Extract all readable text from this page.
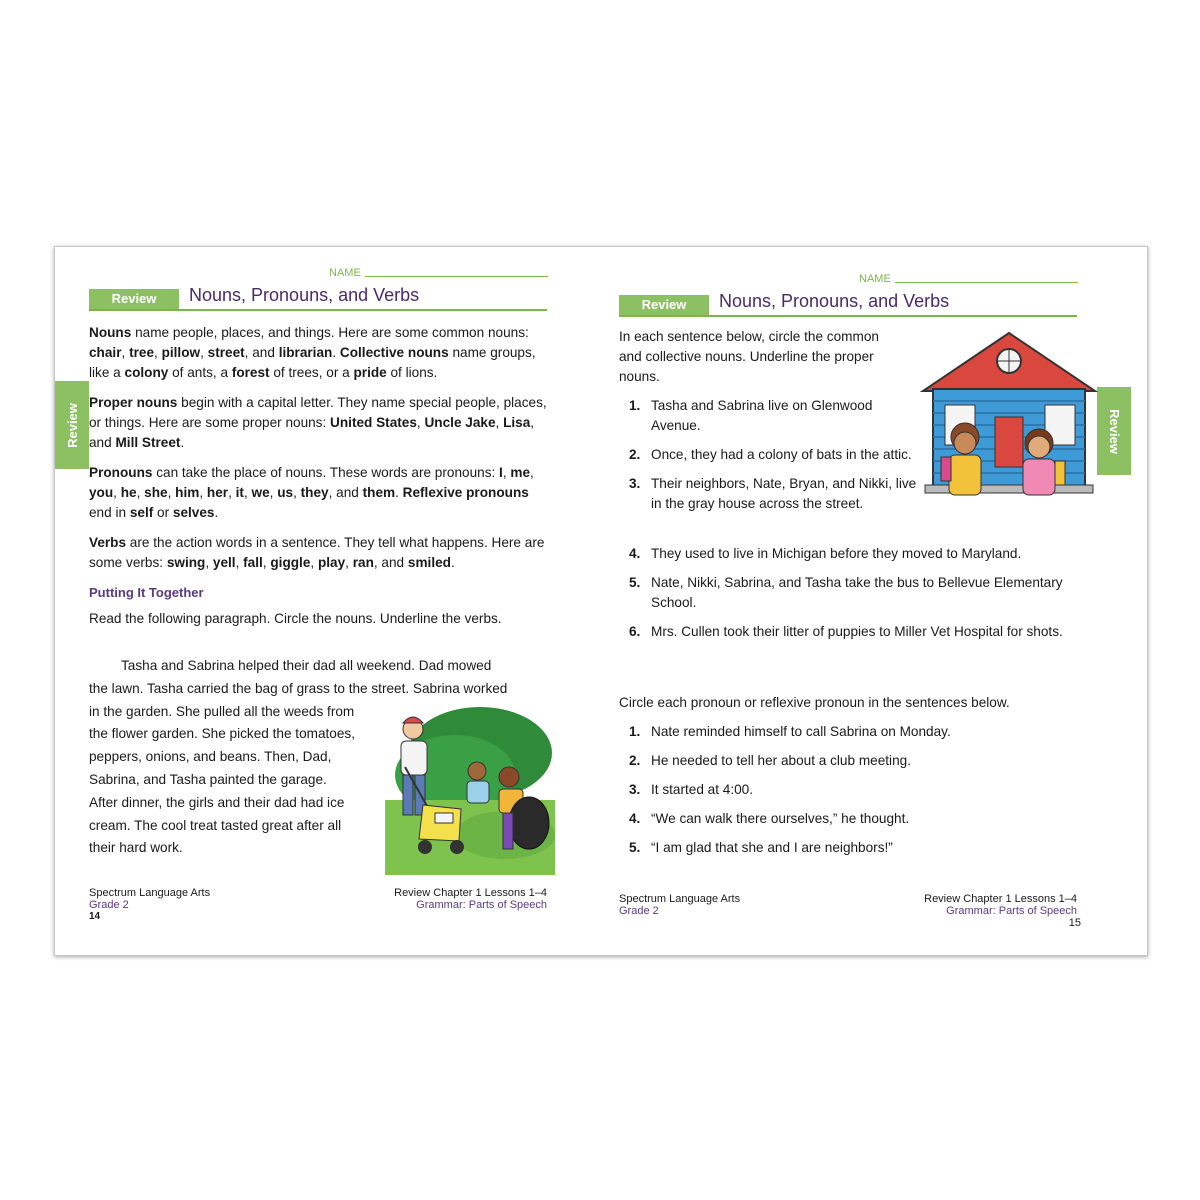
NAME
Review	Nouns, Pronouns, and Verbs
Review

Nouns name people, places, and things. Here are some common nouns: chair, tree, pillow, street, and librarian. Collective nouns name groups, like a colony of ants, a forest of trees, or a pride of lions.

Proper nouns begin with a capital letter. They name special people, places, or things. Here are some proper nouns: United States, Uncle Jake, Lisa, and Mill Street.

Pronouns can take the place of nouns. These words are pronouns: I, me, you, he, she, him, her, it, we, us, they, and them. Reflexive pronouns end in self or selves.

Verbs are the action words in a sentence. They tell what happens. Here are some verbs: swing, yell, fall, giggle, play, ran, and smiled.

Putting It Together

Read the following paragraph. Circle the nouns. Underline the verbs.

Tasha and Sabrina helped their dad all weekend. Dad mowed
the lawn. Tasha carried the bag of grass to the street. Sabrina worked
in the garden. She pulled all the weeds from
the flower garden. She picked the tomatoes,
peppers, onions, and beans. Then, Dad,
Sabrina, and Tasha painted the garage.
After dinner, the girls and their dad had ice
cream. The cool treat tasted great after all
their hard work.
Spectrum Language Arts
Grade 2
14
Review Chapter 1 Lessons 1–4
Grammar: Parts of Speech
NAME
Review	Nouns, Pronouns, and Verbs
Review
In each sentence below, circle the common and collective nouns. Underline the proper nouns.
1. Tasha and Sabrina live on Glenwood Avenue.
2. Once, they had a colony of bats in the attic.
3. Their neighbors, Nate, Bryan, and Nikki, live in the gray house across the street.
4. They used to live in Michigan before they moved to Maryland.
5. Nate, Nikki, Sabrina, and Tasha take the bus to Bellevue Elementary School.
6. Mrs. Cullen took their litter of puppies to Miller Vet Hospital for shots.

Circle each pronoun or reflexive pronoun in the sentences below.

1. Nate reminded himself to call Sabrina on Monday.
2. He needed to tell her about a club meeting.
3. It started at 4:00.
4. “We can walk there ourselves,” he thought.
5. “I am glad that she and I are neighbors!”
Spectrum Language Arts
Grade 2
Review Chapter 1 Lessons 1–4
Grammar: Parts of Speech
15
